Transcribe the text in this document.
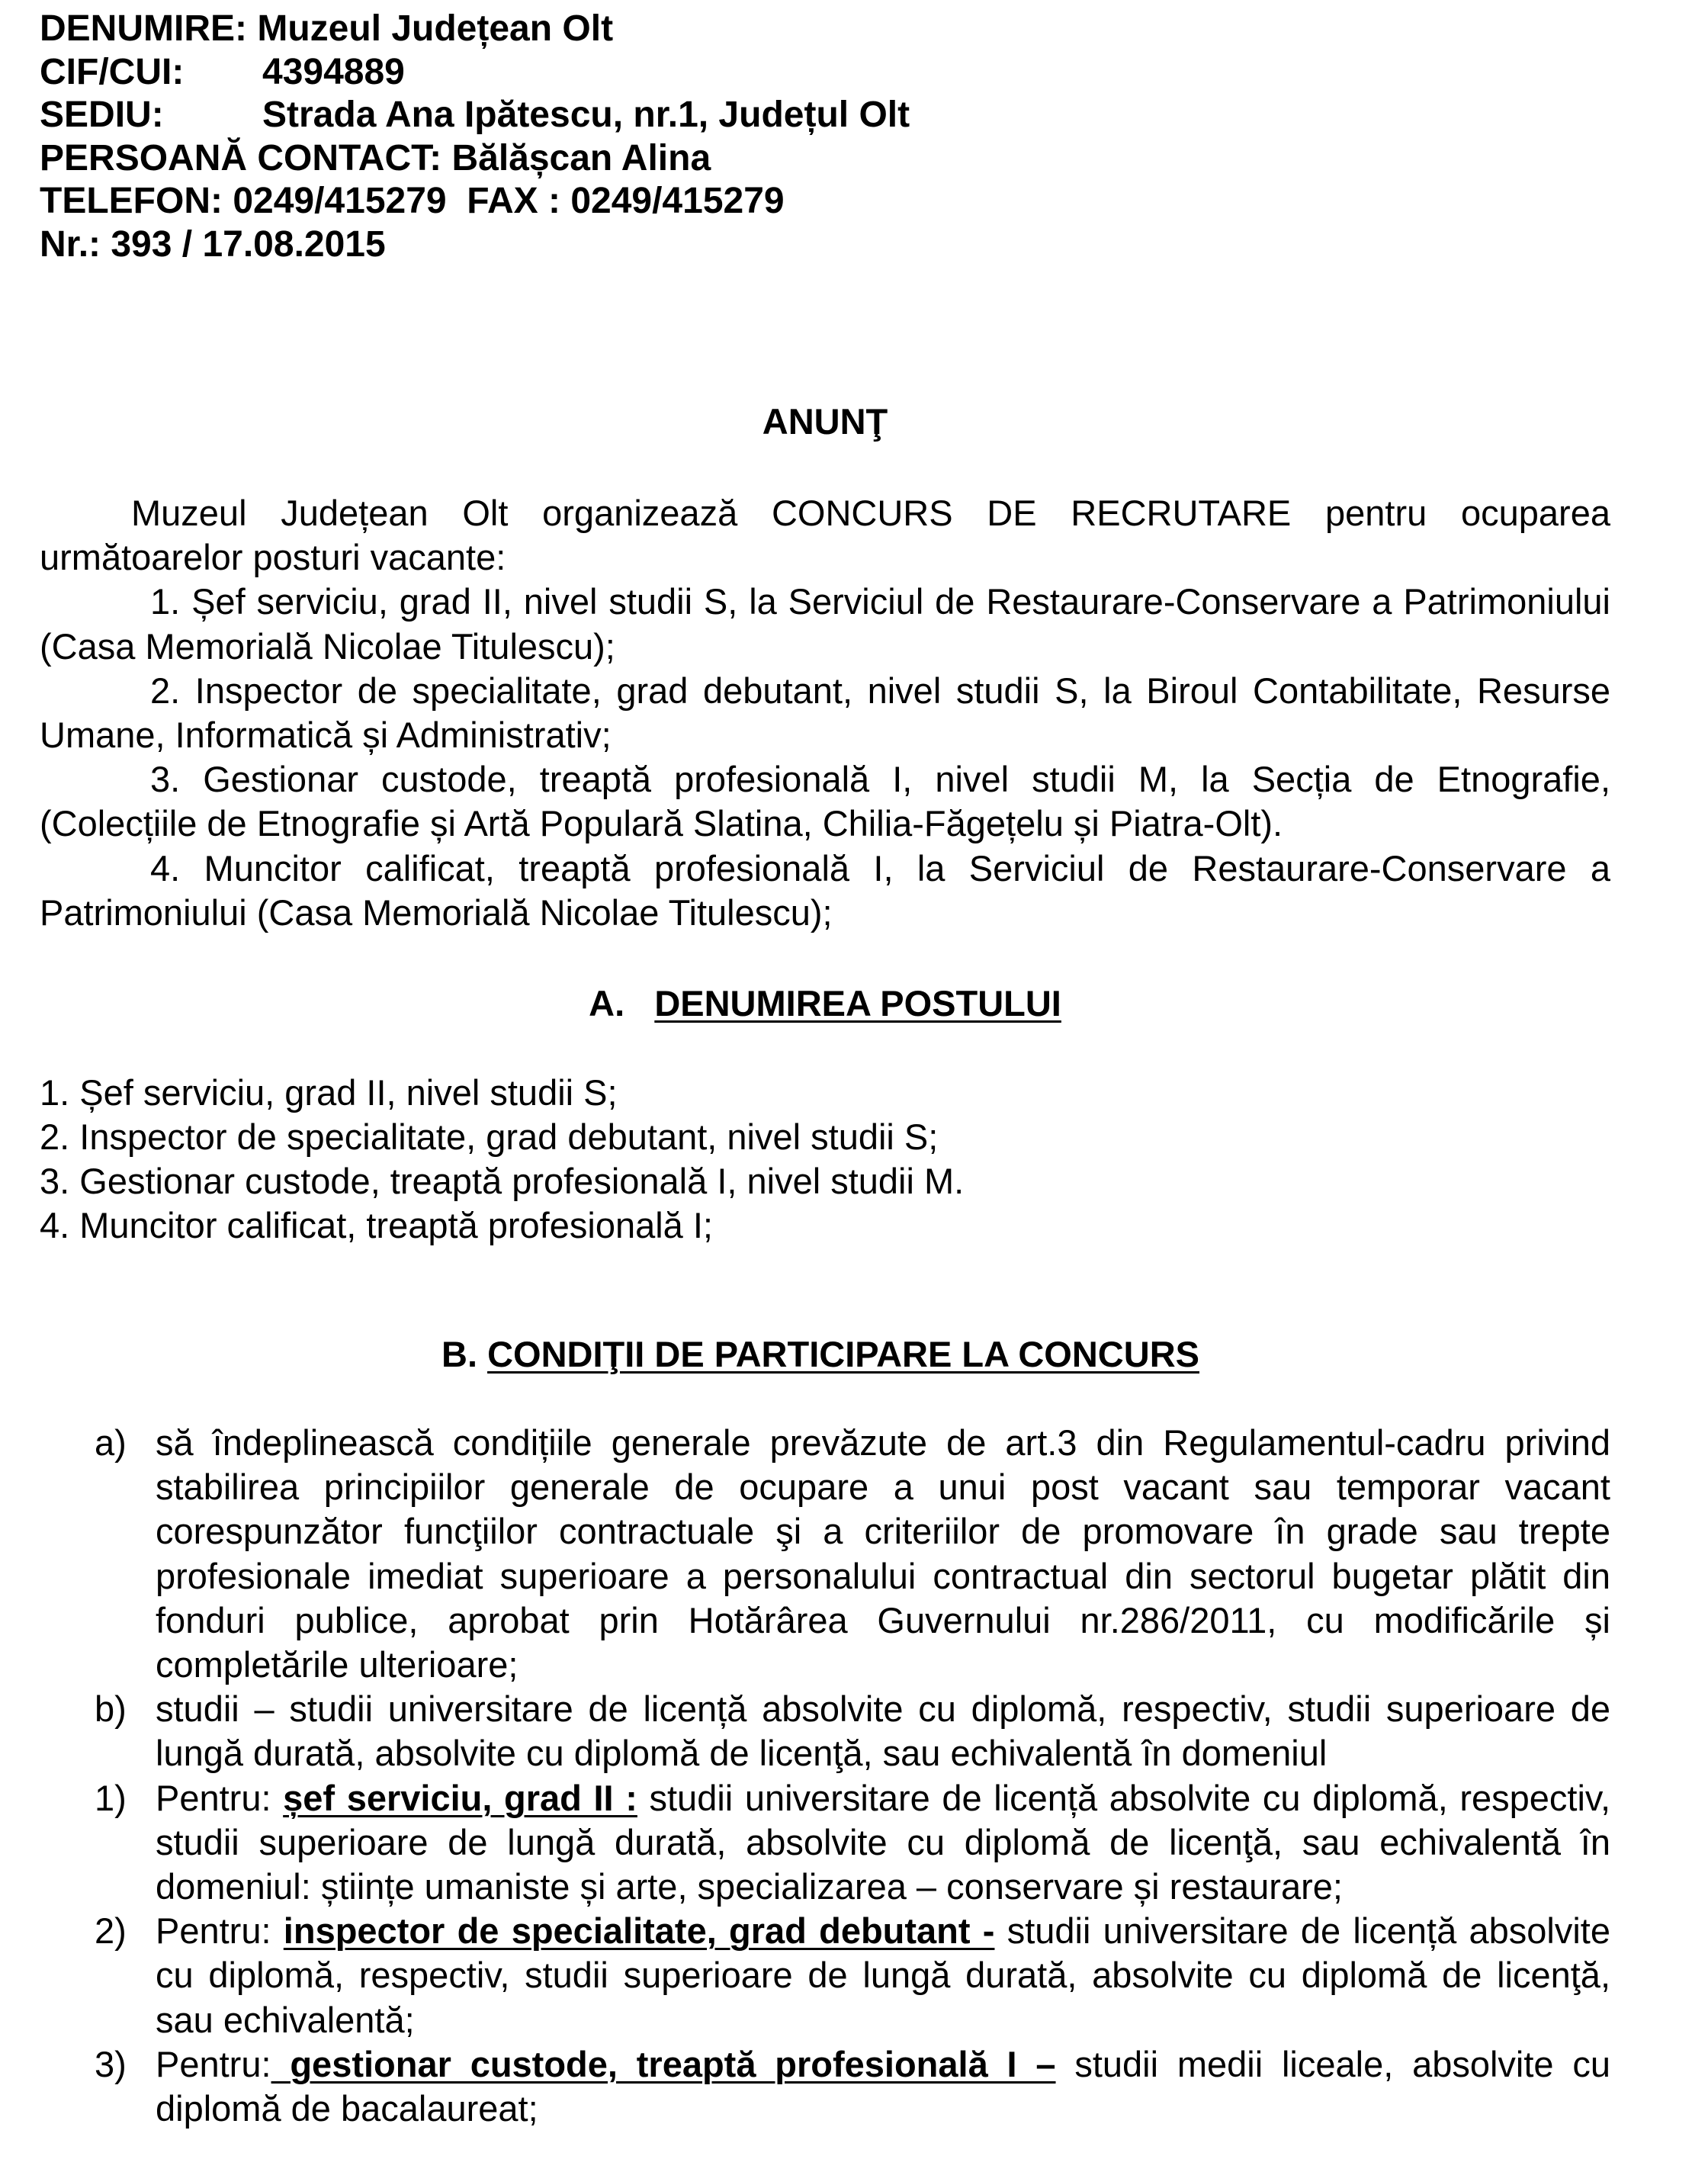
DENUMIRE: Muzeul Județean Olt
CIF/CUI: 4394889
SEDIU:	Strada Ana Ipătescu, nr.1, Județul Olt
PERSOANĂ CONTACT: Bălășcan Alina
TELEFON: 0249/415279 FAX : 0249/415279
Nr.: 393 / 17.08.2015
ANUNŢ

Muzeul Județean Olt organizează CONCURS DE RECRUTARE pentru ocuparea următoarelor posturi vacante:

1. Șef serviciu, grad II, nivel studii S, la Serviciul de Restaurare-Conservare a Patrimoniului (Casa Memorială Nicolae Titulescu);

2. Inspector de specialitate, grad debutant, nivel studii S, la Biroul Contabilitate, Resurse Umane, Informatică și Administrativ;

3. Gestionar custode, treaptă profesională I, nivel studii M, la Secția de Etnografie, (Colecțiile de Etnografie și Artă Populară Slatina, Chilia-Făgețelu și Piatra-Olt).

4. Muncitor calificat, treaptă profesională I, la Serviciul de Restaurare-Conservare a Patrimoniului (Casa Memorială Nicolae Titulescu);

A. DENUMIREA POSTULUI
1. Șef serviciu, grad II, nivel studii S;
2. Inspector de specialitate, grad debutant, nivel studii S;
3. Gestionar custode, treaptă profesională I, nivel studii M.
4. Muncitor calificat, treaptă profesională I;
B. CONDIŢII DE PARTICIPARE LA CONCURS
a) să îndeplinească condițiile generale prevăzute de art.3 din Regulamentul-cadru privind stabilirea principiilor generale de ocupare a unui post vacant sau temporar vacant corespunzător funcţiilor contractuale şi a criteriilor de promovare în grade sau trepte profesionale imediat superioare a personalului contractual din sectorul bugetar plătit din fonduri publice, aprobat prin Hotărârea Guvernului nr.286/2011, cu modificările și completările ulterioare;
b) studii – studii universitare de licență absolvite cu diplomă, respectiv, studii superioare de lungă durată, absolvite cu diplomă de licenţă, sau echivalentă în domeniul
1) Pentru: șef serviciu, grad II : studii universitare de licență absolvite cu diplomă, respectiv, studii superioare de lungă durată, absolvite cu diplomă de licenţă, sau echivalentă în domeniul: științe umaniste și arte, specializarea – conservare și restaurare;
2) Pentru: inspector de specialitate, grad debutant - studii universitare de licență absolvite cu diplomă, respectiv, studii superioare de lungă durată, absolvite cu diplomă de licenţă, sau echivalentă;
3) Pentru: gestionar custode, treaptă profesională I – studii medii liceale, absolvite cu diplomă de bacalaureat;
